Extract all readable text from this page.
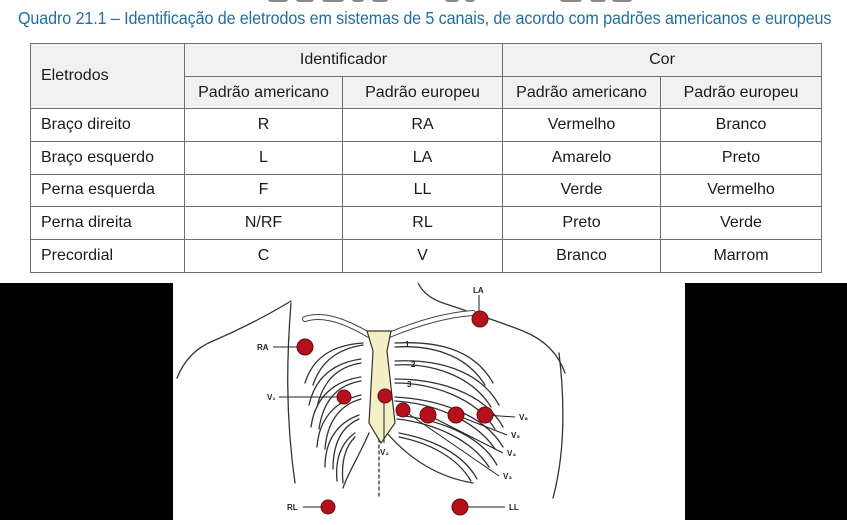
Quadro 21.1 – Identificação de eletrodos em sistemas de 5 canais, de acordo com padrões americanos e europeus
Eletrodos	Identificador		Cor	
	Padrão americano	Padrão europeu	Padrão americano	Padrão europeu
Braço direito	R	RA	Vermelho	Branco
Braço esquerdo	L	LA	Amarelo	Preto
Perna esquerda	F	LL	Verde	Vermelho
Perna direita	N/RF	RL	Preto	Verde
Precordial	C	V	Branco	Marrom
1
2
3
LA
RA
V₁
V₂
V₃
V₄
V₅
V₆
RL	LL
